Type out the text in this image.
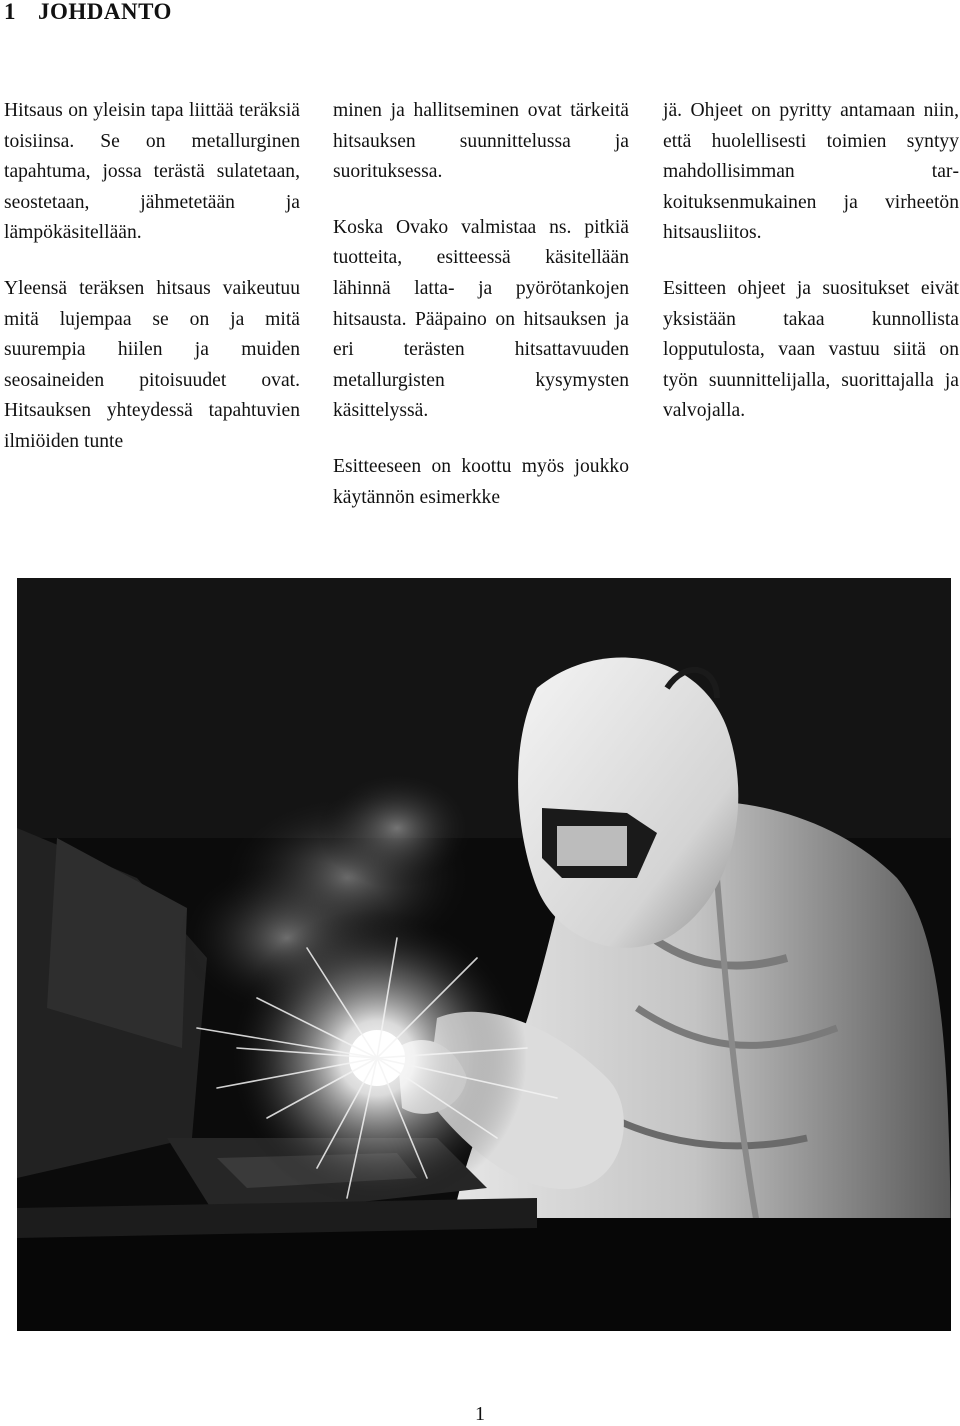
1 JOHDANTO

Hitsaus on yleisin tapa liittää teräksiä toisiinsa. Se on metallurginen tapahtuma, jossa terästä sulatetaan, seostetaan, jähmetetään ja lämpökäsitellään.

Yleensä teräksen hitsaus vaikeutuu mitä lujempaa se on ja mitä suurempia hiilen ja muiden seosaineiden pitoisuudet ovat. Hitsauksen yhteydessä tapahtuvien ilmiöiden tunte

minen ja hallitseminen ovat tärkeitä hitsauksen suunnittelussa ja suorituksessa.

Koska Ovako valmistaa ns. pitkiä tuotteita, esitteessä käsitellään lähinnä latta- ja pyörötankojen hitsausta. Pääpaino on hitsauksen ja eri terästen hitsattavuuden metallurgisten kysymysten käsittelyssä.

Esitteeseen on koottu myös joukko käytännön esimerkke

jä. Ohjeet on pyritty antamaan niin, että huolellisesti toimien syntyy mahdollisimman tarkoituksenmukainen ja virheetön hitsausliitos.

Esitteen ohjeet ja suositukset eivät yksistään takaa kunnollista lopputulosta, vaan vastuu siitä on työn suunnittelijalla, suorittajalla ja valvojalla.

1
